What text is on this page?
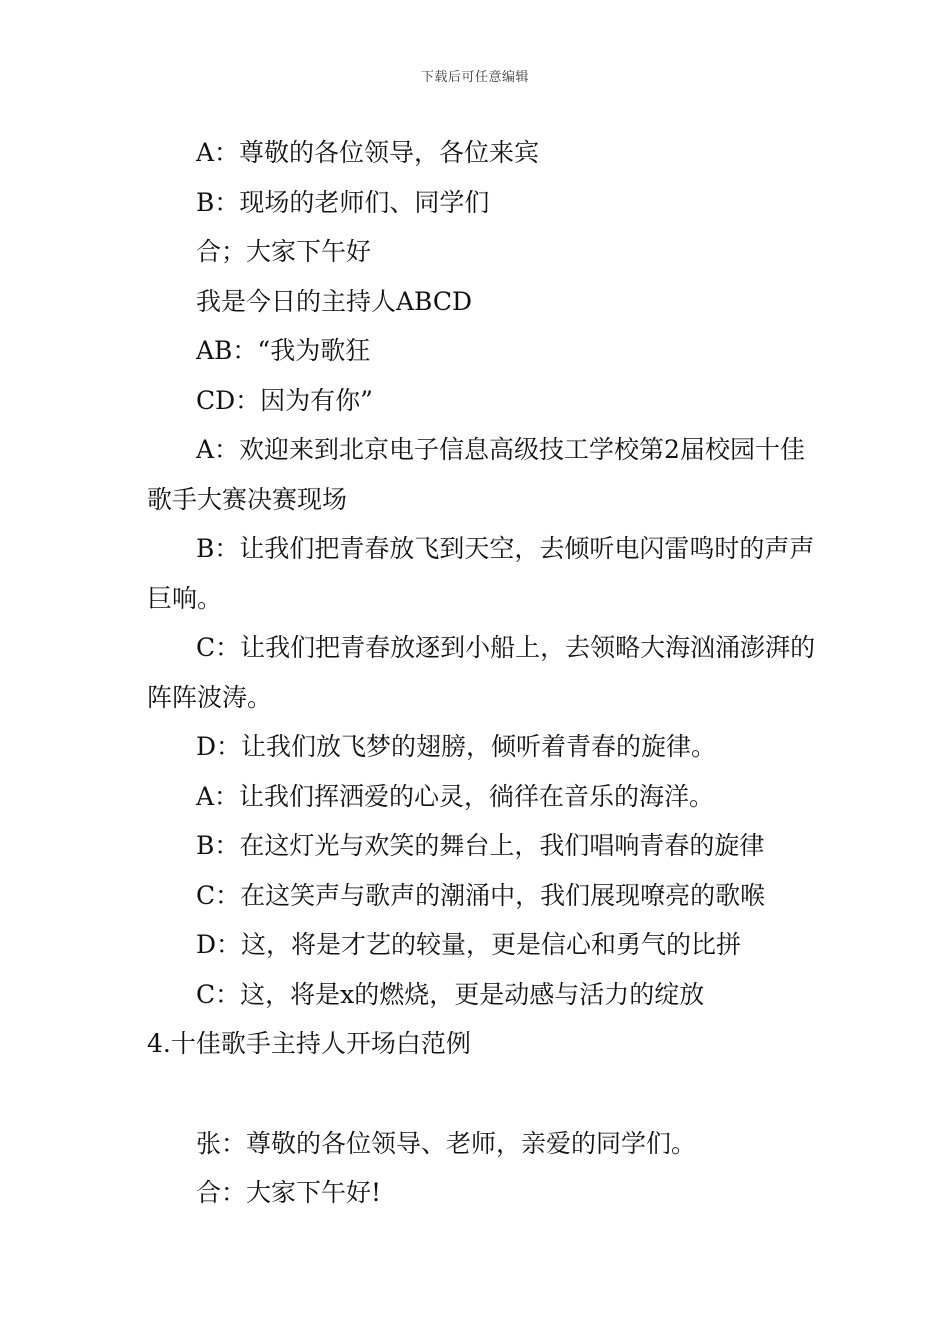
下载后可任意编辑

A：尊敬的各位领导，各位来宾

B：现场的老师们、同学们

合；大家下午好

我是今日的主持人ABCD

AB：“我为歌狂

CD：因为有你”

A：欢迎来到北京电子信息高级技工学校第2届校园十佳歌手大赛决赛现场

B：让我们把青春放飞到天空，去倾听电闪雷鸣时的声声巨响。

C：让我们把青春放逐到小船上，去领略大海汹涌澎湃的阵阵波涛。

D：让我们放飞梦的翅膀，倾听着青春的旋律。

A：让我们挥洒爱的心灵，徜徉在音乐的海洋。

B：在这灯光与欢笑的舞台上，我们唱响青春的旋律

C：在这笑声与歌声的潮涌中，我们展现嘹亮的歌喉

D：这，将是才艺的较量，更是信心和勇气的比拼

C：这，将是x的燃烧，更是动感与活力的绽放

4.十佳歌手主持人开场白范例

张：尊敬的各位领导、老师，亲爱的同学们。

合：大家下午好!
